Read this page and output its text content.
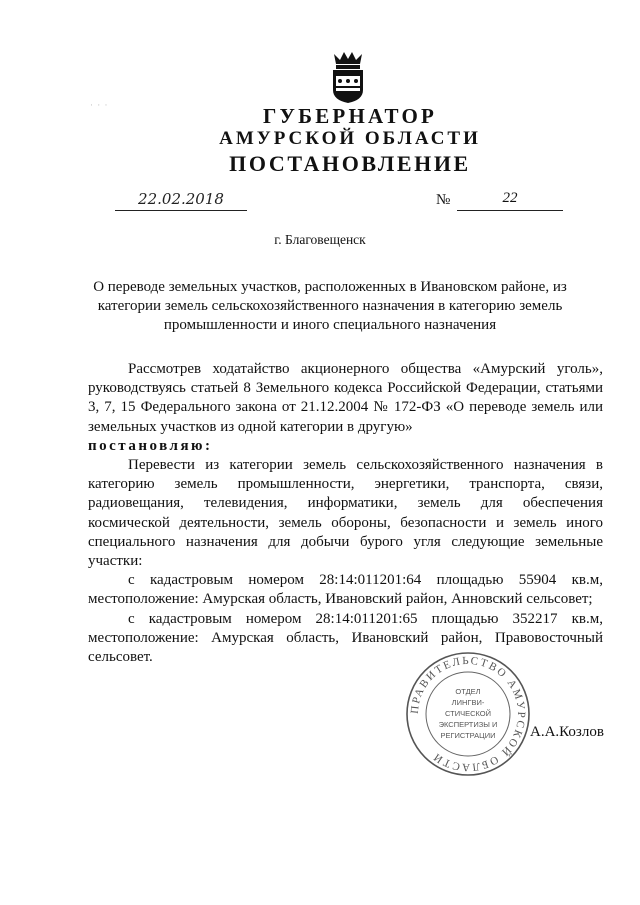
· · ·	ГУБЕРНАТОР
АМУРСКОЙ ОБЛАСТИ
ПОСТАНОВЛЕНИЕ
22.02.2018	№	22
г. Благовещенск
О переводе земельных участков, расположенных в Ивановском районе, из категории земель сельскохозяйственного назначения в категорию земель промышленности и иного специального назначения

Рассмотрев ходатайство акционерного общества «Амурский уголь», руководствуясь статьей 8 Земельного кодекса Российской Федерации, статьями 3, 7, 15 Федерального закона от 21.12.2004 № 172-ФЗ «О переводе земель или земельных участков из одной категории в другую»

постановляю:

Перевести из категории земель сельскохозяйственного назначения в категорию земель промышленности, энергетики, транспорта, связи, радиовещания, телевидения, информатики, земель для обеспечения космической деятельности, земель обороны, безопасности и земель иного специального назначения для добычи бурого угля следующие земельные участки:

с кадастровым номером 28:14:011201:64 площадью 55904 кв.м, местоположение: Амурская область, Ивановский район, Анновский сельсовет;

с кадастровым номером 28:14:011201:65 площадью 352217 кв.м, местоположение: Амурская область, Ивановский район, Правовосточный сельсовет.

ПРАВИТЕЛЬСТВО АМУРСКОЙ ОБЛАСТИ
ОТДЕЛ
ЛИНГВИ-
СТИЧЕСКОЙ
ЭКСПЕРТИЗЫ И
РЕГИСТРАЦИИ А.А.Козлов
